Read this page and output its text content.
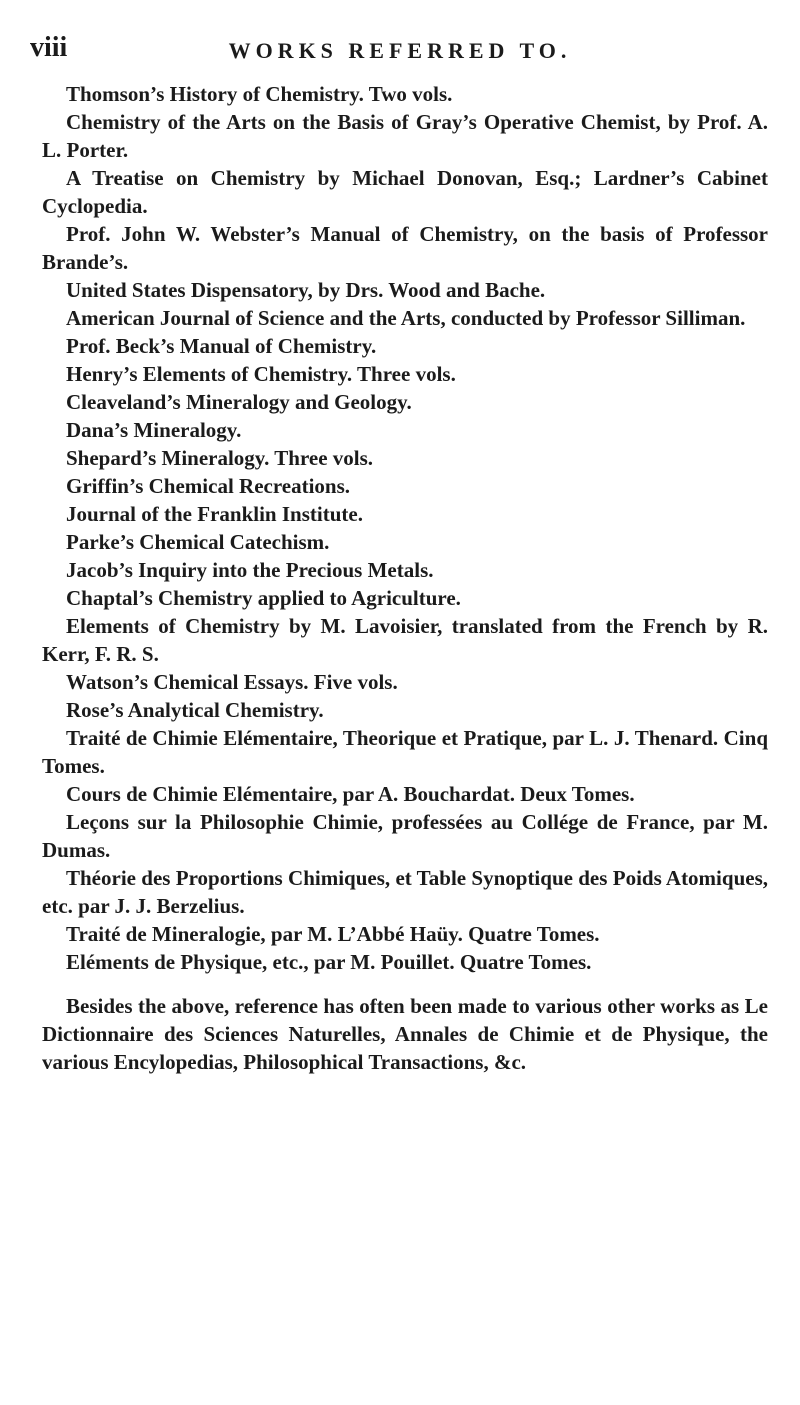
viii	WORKS REFERRED TO.

Thomson’s History of Chemistry. Two vols.

Chemistry of the Arts on the Basis of Gray’s Operative Chemist, by Prof. A. L. Porter.

A Treatise on Chemistry by Michael Donovan, Esq.; Lardner’s Cabinet Cyclopedia.

Prof. John W. Webster’s Manual of Chemistry, on the basis of Professor Brande’s.

United States Dispensatory, by Drs. Wood and Bache.

American Journal of Science and the Arts, conducted by Professor Silliman.

Prof. Beck’s Manual of Chemistry.

Henry’s Elements of Chemistry. Three vols.

Cleaveland’s Mineralogy and Geology.

Dana’s Mineralogy.

Shepard’s Mineralogy. Three vols.

Griffin’s Chemical Recreations.

Journal of the Franklin Institute.

Parke’s Chemical Catechism.

Jacob’s Inquiry into the Precious Metals.

Chaptal’s Chemistry applied to Agriculture.

Elements of Chemistry by M. Lavoisier, translated from the French by R. Kerr, F. R. S.

Watson’s Chemical Essays. Five vols.

Rose’s Analytical Chemistry.

Traité de Chimie Elémentaire, Theorique et Pratique, par L. J. Thenard. Cinq Tomes.

Cours de Chimie Elémentaire, par A. Bouchardat. Deux Tomes.

Leçons sur la Philosophie Chimie, professées au Collége de France, par M. Dumas.

Théorie des Proportions Chimiques, et Table Synoptique des Poids Atomiques, etc. par J. J. Berzelius.

Traité de Mineralogie, par M. L’Abbé Haüy. Quatre Tomes.

Eléments de Physique, etc., par M. Pouillet. Quatre Tomes.

Besides the above, reference has often been made to various other works as Le Dictionnaire des Sciences Naturelles, Annales de Chimie et de Physique, the various Encylopedias, Philosophical Transactions, &c.
